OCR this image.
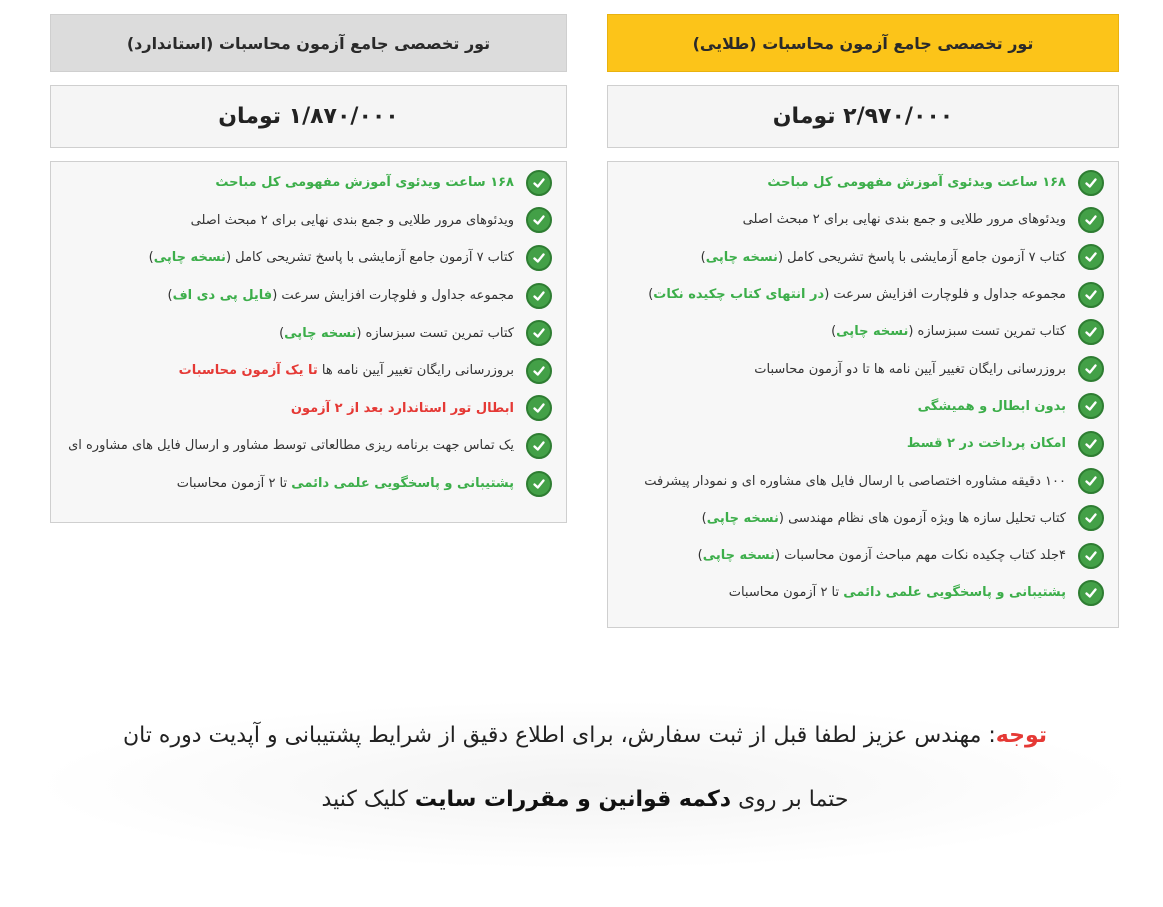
تور تخصصی جامع آزمون محاسبات (طلایی)
۲/۹۷۰/۰۰۰ تومان
۱۶۸ ساعت ویدئوی آموزش مفهومی کل مباحث
ویدئوهای مرور طلایی و جمع بندی نهایی برای ۲ مبحث اصلی
کتاب ۷ آزمون جامع آزمایشی با پاسخ تشریحی کامل (نسخه چاپی)
مجموعه جداول و فلوچارت افزایش سرعت (در انتهای کتاب چکیده نکات)
کتاب تمرین تست سبزسازه (نسخه چاپی)
بروزرسانی رایگان تغییر آیین نامه ها تا دو آزمون محاسبات
بدون ابطال و همیشگی
امکان پرداخت در ۲ قسط
۱۰۰ دقیقه مشاوره اختصاصی با ارسال فایل های مشاوره ای و نمودار پیشرفت
کتاب تحلیل سازه ها ویژه آزمون های نظام مهندسی (نسخه چاپی)
۴جلد کتاب چکیده نکات مهم مباحث آزمون محاسبات (نسخه چاپی)
پشتیبانی و پاسخگویی علمی دائمی تا ۲ آزمون محاسبات
تور تخصصی جامع آزمون محاسبات (استاندارد)
۱/۸۷۰/۰۰۰ تومان
۱۶۸ ساعت ویدئوی آموزش مفهومی کل مباحث
ویدئوهای مرور طلایی و جمع بندی نهایی برای ۲ مبحث اصلی
کتاب ۷ آزمون جامع آزمایشی با پاسخ تشریحی کامل (نسخه چاپی)
مجموعه جداول و فلوچارت افزایش سرعت (فایل پی دی اف)
کتاب تمرین تست سبزسازه (نسخه چاپی)
بروزرسانی رایگان تغییر آیین نامه ها تا یک آزمون محاسبات
ابطال تور استاندارد بعد از ۲ آزمون
یک تماس جهت برنامه ریزی مطالعاتی توسط مشاور و ارسال فایل های مشاوره ای
پشتیبانی و پاسخگویی علمی دائمی تا ۲ آزمون محاسبات
توجه: مهندس عزیز لطفا قبل از ثبت سفارش، برای اطلاع دقیق از شرایط پشتیبانی و آپدیت دوره تان
حتما بر روی دکمه قوانین و مقررات سایت کلیک کنید
